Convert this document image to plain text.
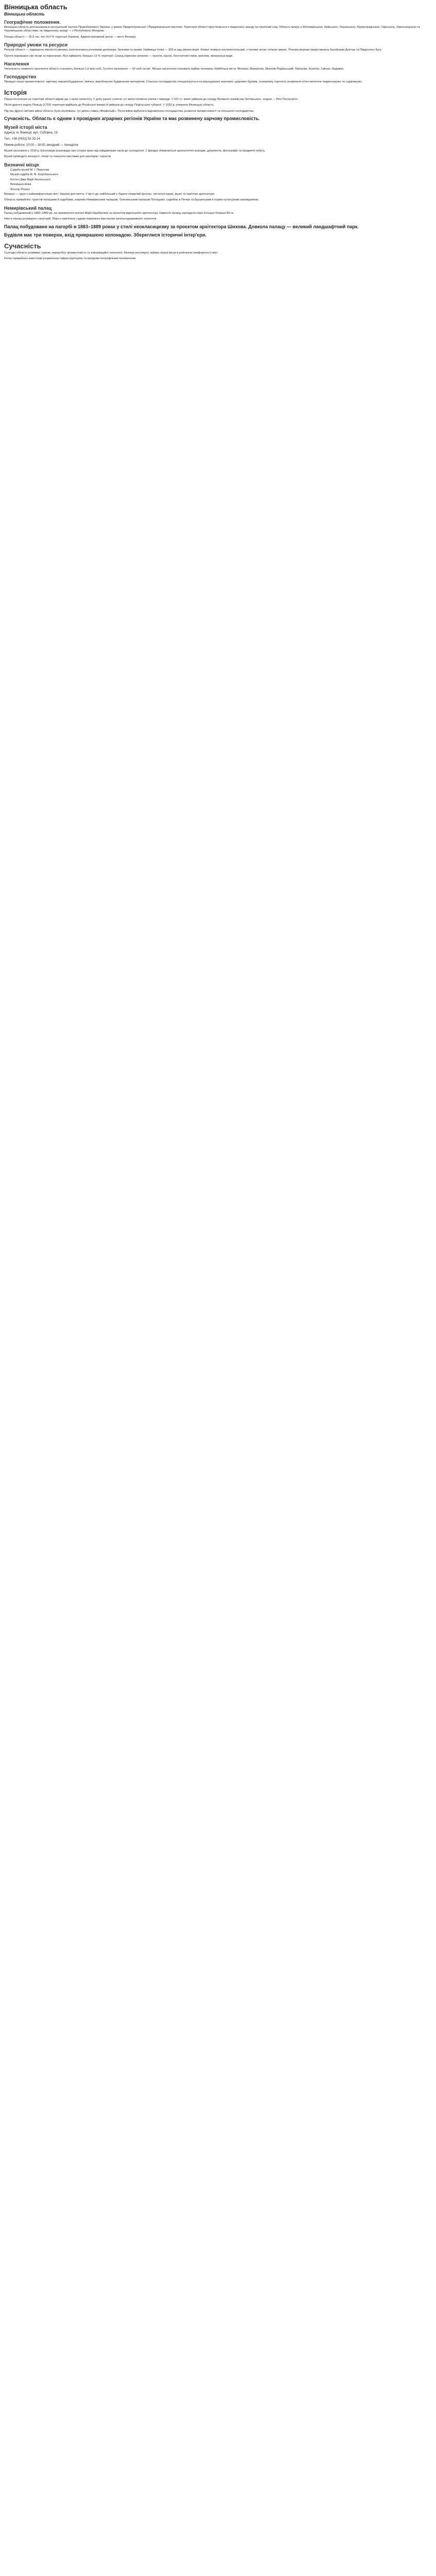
Вінницька область
Вінницька область
Географічне положення.

Вінницька область розташована в центральній частині Правобережної України, у межах Придністровської і Придніпровської височин. Територія області простягається з південного заходу на північний схід. Область межує з Житомирською, Київською, Черкаською, Кіровоградською, Одеською, Хмельницькою та Чернівецькою областями, на південному заході — з Республікою Молдова.

Площа області — 26,5 тис. км² (4,4 % території України). Адміністративний центр — місто Вінниця.

Природні умови та ресурси

Рельєф області — підвищена хвиляста рівнина, розчленована річковими долинами, балками та ярами. Найвища точка — 365 м над рівнем моря. Клімат помірно континентальний, з теплим літом і м'якою зимою. Річкова мережа представлена басейнами Дністра та Південного Бугу.

Ґрунти переважно сірі лісові та чорноземи. Ліси займають близько 13 % території. Серед корисних копалин — граніти, каолін, бентонітові глини, вапняки, мінеральні води.

Населення

Чисельність наявного населення області становить близько 1,6 млн осіб. Густота населення — 60 осіб на км². Міське населення становить майже половину. Найбільші міста: Вінниця, Жмеринка, Могилів-Подільський, Хмільник, Козятин, Гайсин, Ладижин.

Господарство

Провідні галузі промисловості: харчова, машинобудування, хімічна, виробництво будівельних матеріалів. Сільське господарство спеціалізується на вирощуванні зернових, цукрових буряків, соняшнику, картоплі; розвинене м'ясо-молочне тваринництво та садівництво.

Історія

Перші поселення на території області відомі ще з часів палеоліту. У добу ранніх слов'ян тут жили племена уличів і тиверців. У XIV ст. землі увійшли до складу Великого князівства Литовського, згодом — Речі Посполитої.

Після другого поділу Польщі (1793) територія відійшла до Російської імперії й увійшла до складу Подільської губернії. У 1932 р. утворено Вінницьку область.

Під час Другої світової війни область була окупована, тут діяла ставка «Вервольф». Після війни відбулося відновлення господарства, розвиток промисловості та сільського господарства.

Сучасність. Область є одним з провідних аграрних регіонів України та має розвинену харчову промисловість.
Музей історії міста

Адреса: м. Вінниця, вул. Соборна, 19

Тел.: +38 (0432) 52-32-14

Режим роботи: 10:00 – 18:00, вихідний — понеділок

Музей засновано у 1918 р. Експозиція розповідає про історію краю від найдавніших часів до сьогодення. У фондах зберігаються археологічні знахідки, документи, фотографії та предмети побуту.

Музей проводить екскурсії, лекції та тематичні виставки для школярів і туристів.

Визначні місця

Садиба-музей М. І. Пирогова

Музей-садиба М. М. Коцюбинського

Костел Діви Марії Ангельської

Вінницька вежа

Фонтан Рошен

Вінниця — одне з найкомфортніших міст України для життя. У місті діє найбільший у Європі плавучий фонтан, численні парки, музеї та пам'ятки архітектури.

Область приваблює туристів палацами й садибами, зокрема Немирівським палацом, Тульчинським палацом Потоцьких, садибою в Печері та Бушанським історико-культурним заповідником.

Немирівський палац

Палац побудований у 1883–1889 рр. на замовлення княгині Марії Щербатової за проєктом віденського архітектора. Навколо палацу закладено парк площею близько 80 га.

Нині в палаці розміщено санаторій. Парк є пам'яткою садово-паркового мистецтва загальнодержавного значення.

Палац побудовано на пагорбі в 1883–1889 роках у стилі неокласицизму за проєктом архітектора Шихова. Довкола палацу — великий ландшафтний парк.
Будівля має три поверхи, вхід прикрашено колонадою. Збереглися історичні інтер'єри.
Сучасність

Сьогодні область розвиває туризм, переробну промисловість та інформаційні технології. Вінниця регулярно займає перші місця в рейтингах комфортності міст.

Регіон приваблює інвесторів розвиненою інфраструктурою та вигідним географічним положенням.
